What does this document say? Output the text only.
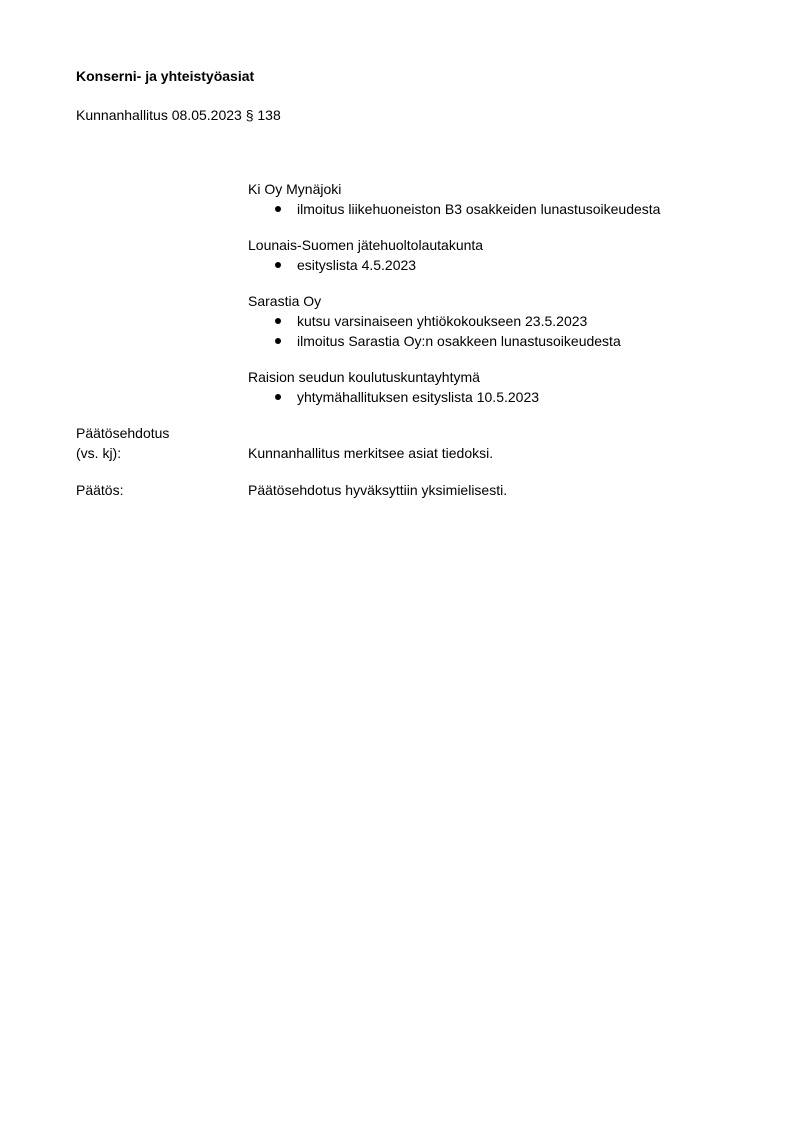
Konserni- ja yhteistyöasiat
Kunnanhallitus 08.05.2023 § 138

Ki Oy Mynäjoki

ilmoitus liikehuoneiston B3 osakkeiden lunastusoikeudesta

Lounais-Suomen jätehuoltolautakunta

esityslista 4.5.2023

Sarastia Oy

kutsu varsinaiseen yhtiökokoukseen 23.5.2023
ilmoitus Sarastia Oy:n osakkeen lunastusoikeudesta

Raision seudun koulutuskuntayhtymä

yhtymähallituksen esityslista 10.5.2023
Päätösehdotus
(vs. kj):	Kunnanhallitus merkitsee asiat tiedoksi.
Päätös:	Päätösehdotus hyväksyttiin yksimielisesti.
